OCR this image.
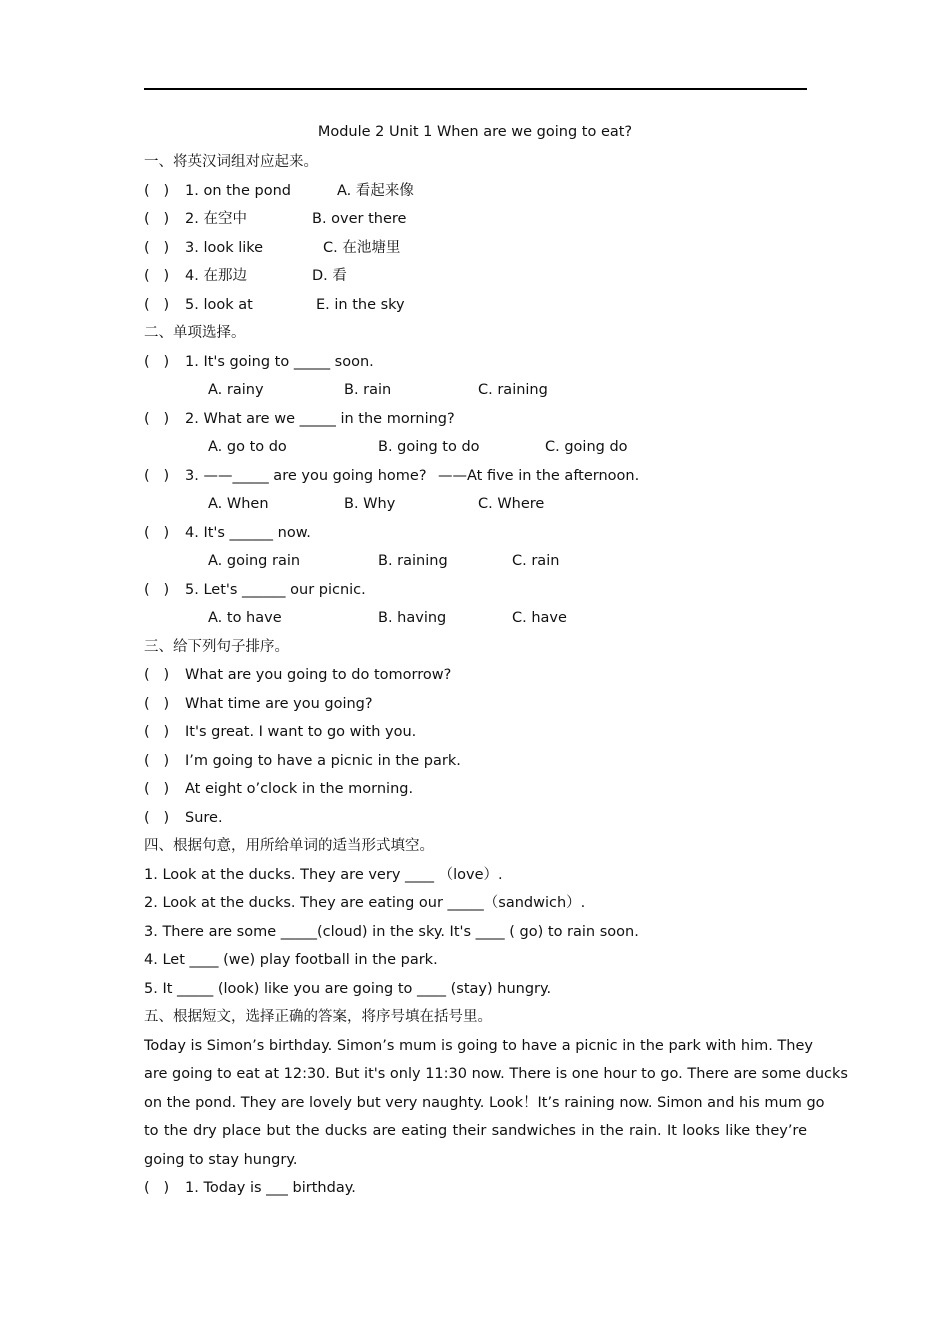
Module 2 Unit 1 When are we going to eat?
一、将英汉词组对应起来。
(   ) 1. on the pond	A. 看起来像
(   ) 2. 在空中	B. over there
(   ) 3. look like	C. 在池塘里
(   ) 4. 在那边	D. 看
(   ) 5. look at	E. in the sky
二、单项选择。
(   ) 1. It's going to _____ soon.
A. rainy	B. rain	C. raining
(   ) 2. What are we _____ in the morning?
A. go to do	B. going to do	C. going do
(   ) 3. ——_____ are you going home? ——At five in the afternoon.
A. When	B. Why	C. Where
(   ) 4. It's ______ now.
A. going rain	B. raining	C. rain
(   ) 5. Let's ______ our picnic.
A. to have	B. having	C. have
三、给下列句子排序。
(   ) What are you going to do tomorrow?
(   ) What time are you going?
(   ) It's great. I want to go with you.
(   ) I’m going to have a picnic in the park.
(   ) At eight o’clock in the morning.
(   ) Sure.
四、根据句意，用所给单词的适当形式填空。
1. Look at the ducks. They are very ____ （love）.
2. Look at the ducks. They are eating our _____（sandwich）.
3. There are some _____(cloud) in the sky. It's ____ ( go) to rain soon.
4. Let ____ (we) play football in the park.
5. It _____ (look) like you are going to ____ (stay) hungry.
五、根据短文，选择正确的答案，将序号填在括号里。
Today is Simon’s birthday. Simon’s mum is going to have a picnic in the park with him. They
are going to eat at 12:30. But it's only 11:30 now. There is one hour to go. There are some ducks
on the pond. They are lovely but very naughty. Look！It’s raining now. Simon and his mum go
to the dry place but the ducks are eating their sandwiches in the rain. It looks like they’re
going to stay hungry.
(   ) 1. Today is ___ birthday.
